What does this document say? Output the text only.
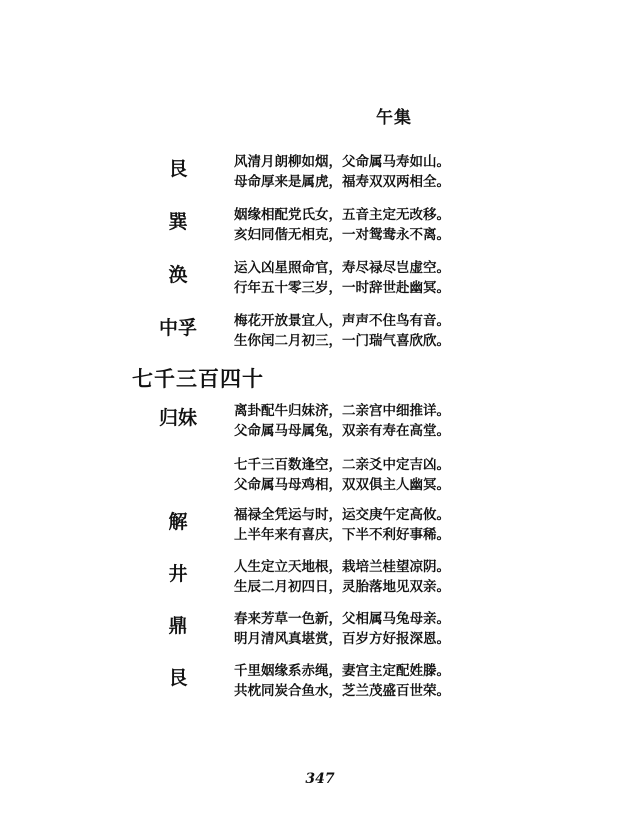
午集
艮	风清月朗柳如烟，父命属马寿如山。
母命厚来是属虎，福寿双双两相全。
巽	姻缘相配党氏女，五音主定无改移。
亥妇同偕无相克，一对鸳鸯永不离。
涣	运入凶星照命官，寿尽禄尽岂虚空。
行年五十零三岁，一时辞世赴幽冥。
中孚	梅花开放景宜人，声声不住鸟有音。
生你闰二月初三，一门瑞气喜欣欣。
七千三百四十
归妹	离卦配牛归妹济，二亲宫中细推详。
父命属马母属兔，双亲有寿在高堂。
七千三百数逢空，二亲爻中定吉凶。
父命属马母鸡相，双双俱主人幽冥。
解	福禄全凭运与时，运交庚午定高攸。
上半年来有喜庆，下半不利好事稀。
井	人生定立天地根，栽培兰桂望凉阴。
生辰二月初四日，灵胎落地见双亲。
鼎	春来芳草一色新，父相属马兔母亲。
明月清风真堪赏，百岁方好报深恩。
艮	千里姻缘系赤绳，妻宫主定配姓滕。
共枕同炭合鱼水，芝兰茂盛百世荣。
347
